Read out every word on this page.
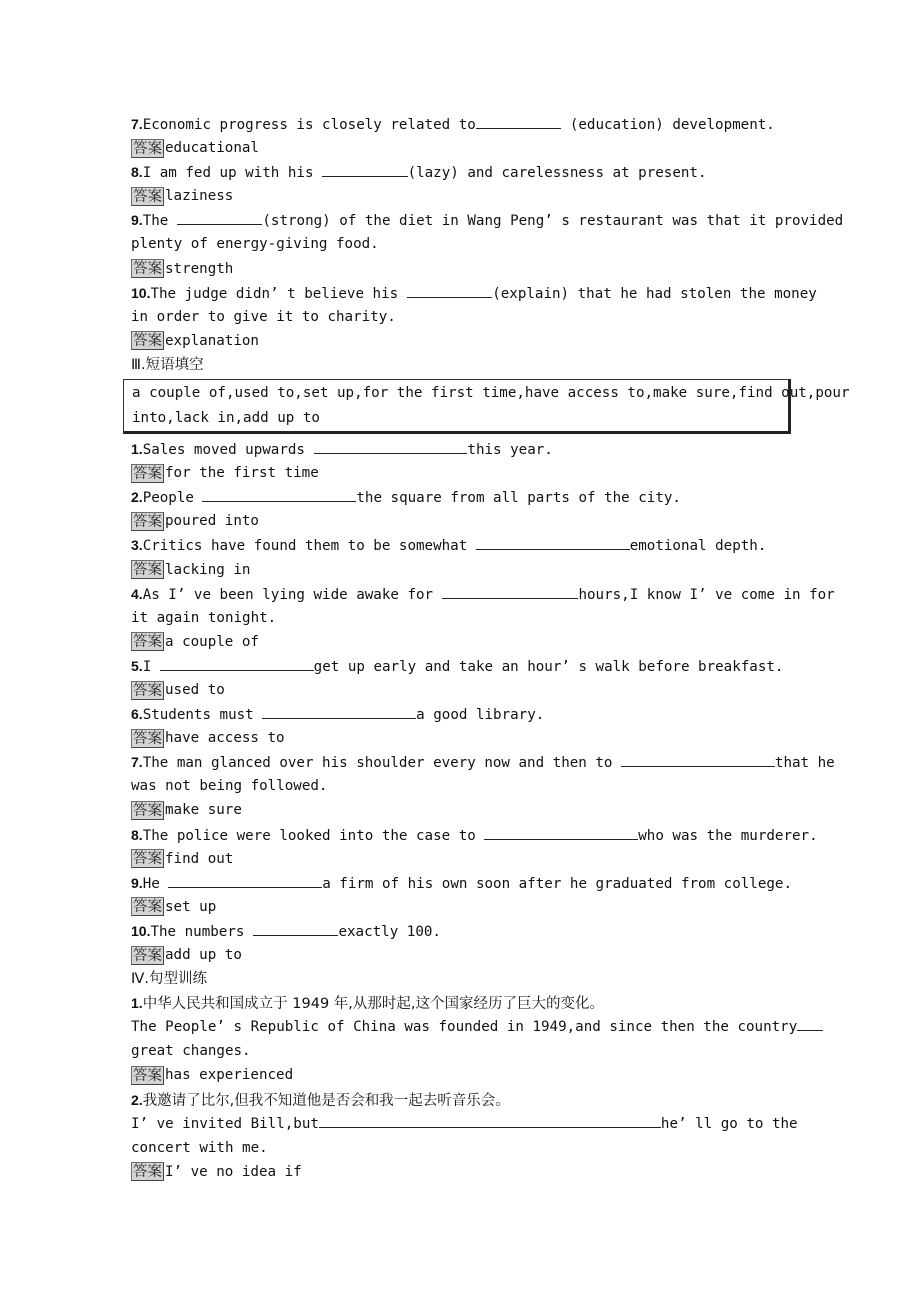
7.Economic progress is closely related to	(education) development.
答案 educational
8.I am fed up with his	(lazy) and carelessness at present.
答案 laziness
9.The	(strong) of the diet in Wang Peng’ s restaurant was that it provided
plenty of energy-giving food.
答案 strength
10.The judge didn’ t believe his	(explain) that he had stolen the money
in order to give it to charity.
答案 explanation
Ⅲ.短语填空
a couple of,used to,set up,for the first time,have access to,make sure,find out,pour
into,lack in,add up to
1.Sales moved upwards	this year.
答案 for the first time
2.People	the square from all parts of the city.
答案 poured into
3.Critics have found them to be somewhat	emotional depth.
答案 lacking in
4.As I’ ve been lying wide awake for	hours,I know I’ ve come in for
it again tonight.
答案 a couple of
5.I	get up early and take an hour’ s walk before breakfast.
答案 used to
6.Students must	a good library.
答案 have access to
7.The man glanced over his shoulder every now and then to	that he
was not being followed.
答案 make sure
8.The police were looked into the case to	who was the murderer.
答案 find out
9.He	a firm of his own soon after he graduated from college.
答案 set up
10.The numbers	exactly 100.
答案 add up to
Ⅳ.句型训练
1.中华人民共和国成立于 1949 年,从那时起,这个国家经历了巨大的变化。
The People’ s Republic of China was founded in 1949,and since then the country
great changes.
答案 has experienced
2.我邀请了比尔,但我不知道他是否会和我一起去听音乐会。
I’ ve invited Bill,but	he’ ll go to the
concert with me.
答案 I’ ve no idea if
